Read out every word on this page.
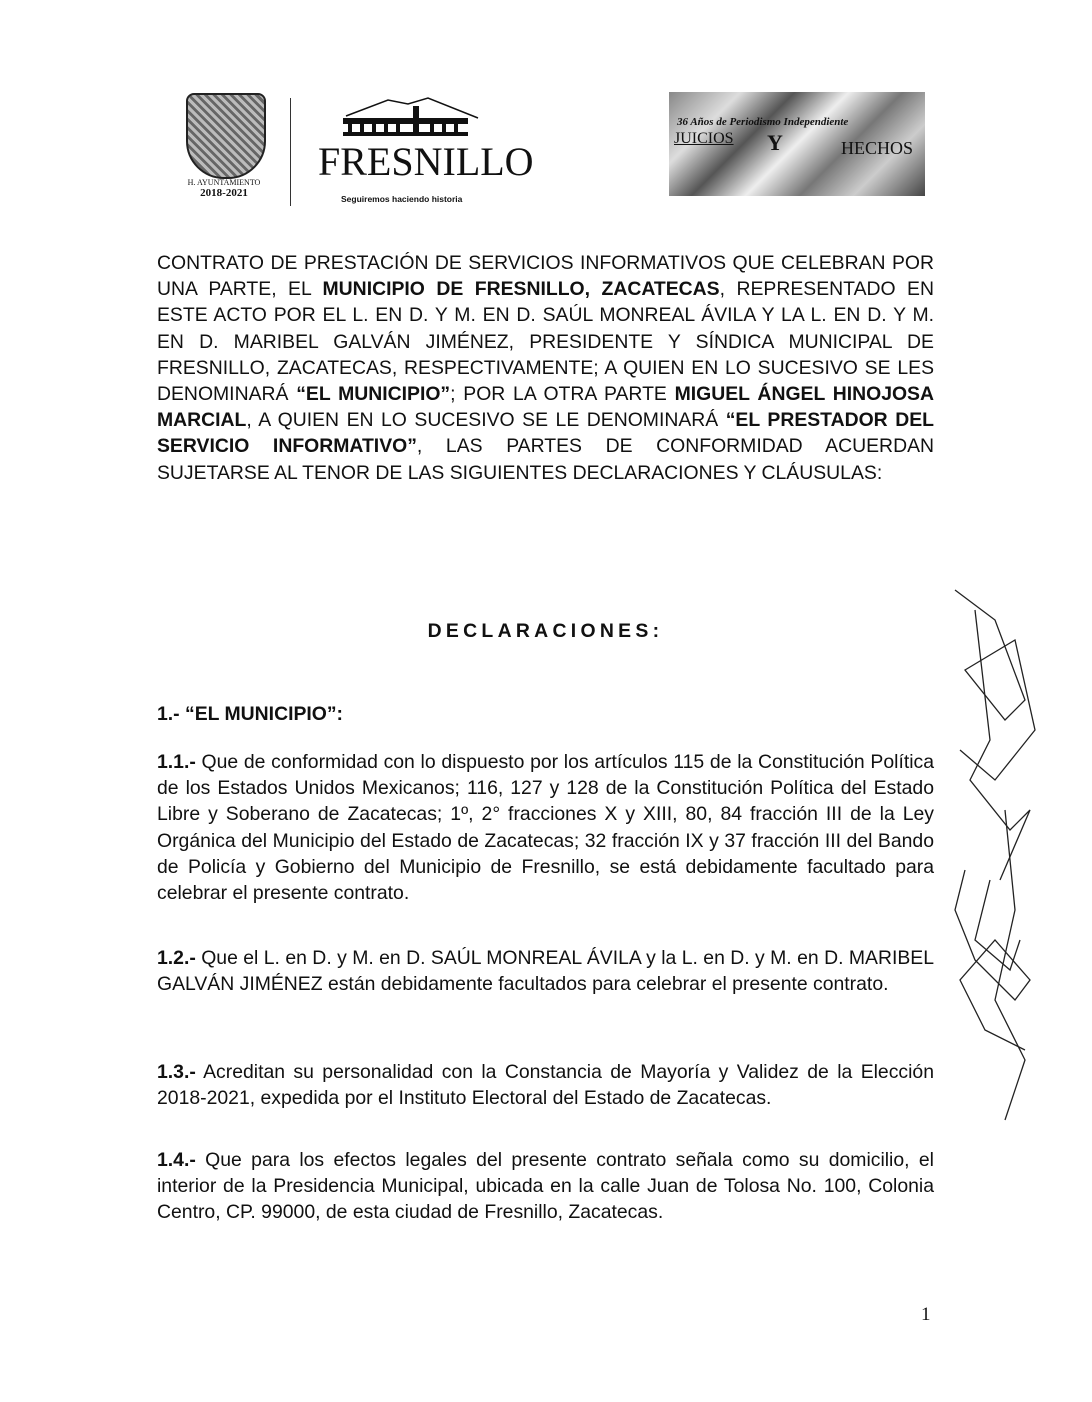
H. AYUNTAMIENTO
2018-2021
FRESNILLO
Seguiremos haciendo historia
36 Años de Periodismo Independiente
JUICIOS Y	HECHOS

CONTRATO DE PRESTACIÓN DE SERVICIOS INFORMATIVOS QUE CELEBRAN POR UNA PARTE, EL MUNICIPIO DE FRESNILLO, ZACATECAS, REPRESENTADO EN ESTE ACTO POR EL L. EN D. Y M. EN D. SAÚL MONREAL ÁVILA Y LA L. EN D. Y M. EN D. MARIBEL GALVÁN JIMÉNEZ, PRESIDENTE Y SÍNDICA MUNICIPAL DE FRESNILLO, ZACATECAS, RESPECTIVAMENTE; A QUIEN EN LO SUCESIVO SE LES DENOMINARÁ “EL MUNICIPIO”; POR LA OTRA PARTE MIGUEL ÁNGEL HINOJOSA MARCIAL, A QUIEN EN LO SUCESIVO SE LE DENOMINARÁ “EL PRESTADOR DEL SERVICIO INFORMATIVO”, LAS PARTES DE CONFORMIDAD ACUERDAN SUJETARSE AL TENOR DE LAS SIGUIENTES DECLARACIONES Y CLÁUSULAS:

DECLARACIONES:
1.- “EL MUNICIPIO”:

1.1.- Que de conformidad con lo dispuesto por los artículos 115 de la Constitución Política de los Estados Unidos Mexicanos; 116, 127 y 128 de la Constitución Política del Estado Libre y Soberano de Zacatecas; 1º, 2° fracciones X y XIII, 80, 84 fracción III de la Ley Orgánica del Municipio del Estado de Zacatecas; 32 fracción IX y 37 fracción III del Bando de Policía y Gobierno del Municipio de Fresnillo, se está debidamente facultado para celebrar el presente contrato.

1.2.- Que el L. en D. y M. en D. SAÚL MONREAL ÁVILA y la L. en D. y M. en D. MARIBEL GALVÁN JIMÉNEZ están debidamente facultados para celebrar el presente contrato.

1.3.- Acreditan su personalidad con la Constancia de Mayoría y Validez de la Elección 2018-2021, expedida por el Instituto Electoral del Estado de Zacatecas.

1.4.- Que para los efectos legales del presente contrato señala como su domicilio, el interior de la Presidencia Municipal, ubicada en la calle Juan de Tolosa No. 100, Colonia Centro, CP. 99000, de esta ciudad de Fresnillo, Zacatecas.

1
